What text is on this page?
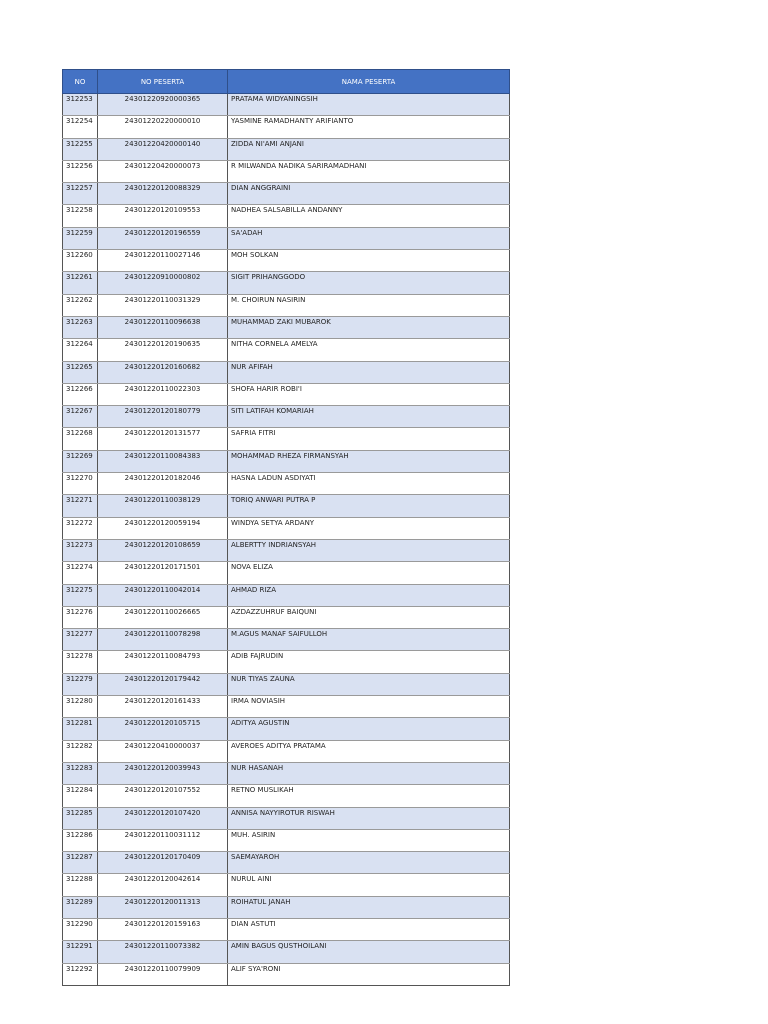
NO	NO PESERTA	NAMA PESERTA
312253	24301220920000365	PRATAMA WIDYANINGSIH
312254	24301220220000010	YASMINE RAMADHANTY ARIFIANTO
312255	24301220420000140	ZIDDA NI'AMI ANJANI
312256	24301220420000073	R MILWANDA NADIKA SARIRAMADHANI
312257	24301220120088329	DIAN ANGGRAINI
312258	24301220120109553	NADHEA SALSABILLA ANDANNY
312259	24301220120196559	SA'ADAH
312260	24301220110027146	MOH SOLKAN
312261	24301220910000802	SIGIT PRIHANGGODO
312262	24301220110031329	M. CHOIRUN NASIRIN
312263	24301220110096638	MUHAMMAD ZAKI MUBAROK
312264	24301220120190635	NITHA CORNELA AMELYA
312265	24301220120160682	NUR AFIFAH
312266	24301220110022303	SHOFA HARIR ROBI'I
312267	24301220120180779	SITI LATIFAH KOMARIAH
312268	24301220120131577	SAFRIA FITRI
312269	24301220110084383	MOHAMMAD RHEZA FIRMANSYAH
312270	24301220120182046	HASNA LADUN ASDIYATI
312271	24301220110038129	TORIQ ANWARI PUTRA P
312272	24301220120059194	WINDYA SETYA ARDANY
312273	24301220120108659	ALBERTTY INDRIANSYAH
312274	24301220120171501	NOVA ELIZA
312275	24301220110042014	AHMAD RIZA
312276	24301220110026665	AZDAZZUHRUF BAIQUNI
312277	24301220110078298	M.AGUS MANAF SAIFULLOH
312278	24301220110084793	ADIB FAJRUDIN
312279	24301220120179442	NUR TIYAS ZAUNA
312280	24301220120161433	IRMA NOVIASIH
312281	24301220120105715	ADITYA AGUSTIN
312282	24301220410000037	AVEROES ADITYA PRATAMA
312283	24301220120039943	NUR HASANAH
312284	24301220120107552	RETNO MUSLIKAH
312285	24301220120107420	ANNISA NAYYIROTUR RISWAH
312286	24301220110031112	MUH. ASIRIN
312287	24301220120170409	SAEMAYAROH
312288	24301220120042614	NURUL AINI
312289	24301220120011313	ROIHATUL JANAH
312290	24301220120159163	DIAN ASTUTI
312291	24301220110073382	AMIN BAGUS QUSTHOILANI
312292	24301220110079909	ALIF SYA'RONI
